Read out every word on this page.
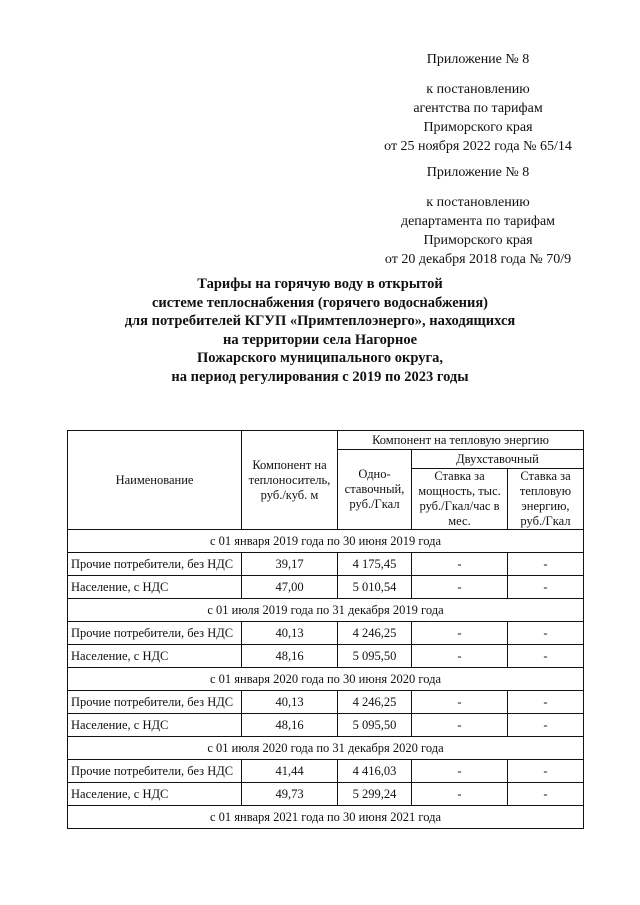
Приложение № 8
к постановлению
агентства по тарифам
Приморского края
от 25 ноября 2022 года № 65/14
Приложение № 8
к постановлению
департамента по тарифам
Приморского края
от 20 декабря 2018 года № 70/9
Тарифы на горячую воду в открытой
системе теплоснабжения (горячего водоснабжения)
для потребителей КГУП «Примтеплоэнерго», находящихся
на территории села Нагорное
Пожарского муниципального округа,
на период регулирования с 2019 по 2023 годы
Наименование	Компонент на теплоноситель, руб./куб. м	Компонент на тепловую энергию		
		Одно-ставочный, руб./Гкал	Двухставочный	
			Ставка за мощность, тыс. руб./Гкал/час в мес.	Ставка за тепловую энергию, руб./Гкал
с 01 января 2019 года по 30 июня 2019 года				
Прочие потребители, без НДС	39,17	4 175,45	-	-
Население, с НДС	47,00	5 010,54	-	-
с 01 июля 2019 года по 31 декабря 2019 года				
Прочие потребители, без НДС	40,13	4 246,25	-	-
Население, с НДС	48,16	5 095,50	-	-
с 01 января 2020 года по 30 июня 2020 года				
Прочие потребители, без НДС	40,13	4 246,25	-	-
Население, с НДС	48,16	5 095,50	-	-
с 01 июля 2020 года по 31 декабря 2020 года				
Прочие потребители, без НДС	41,44	4 416,03	-	-
Население, с НДС	49,73	5 299,24	-	-
с 01 января 2021 года по 30 июня 2021 года				
